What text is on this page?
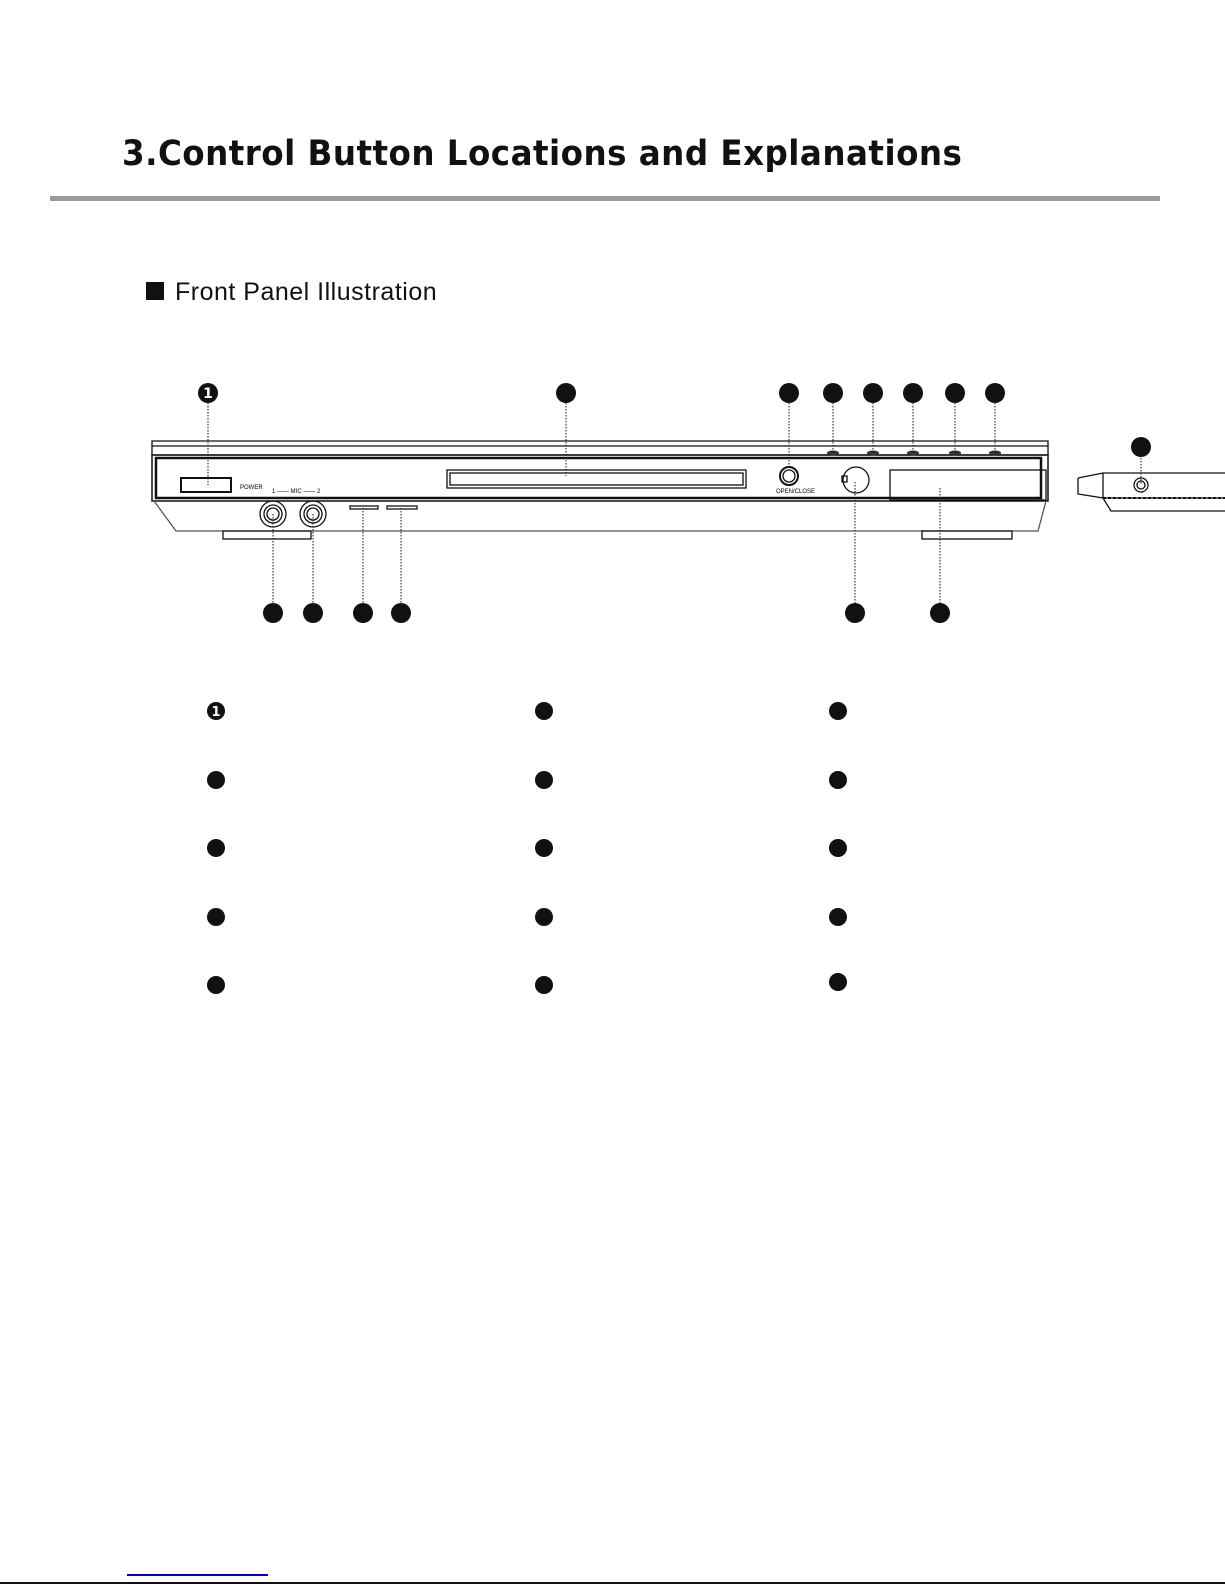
3.Control Button Locations and Explanations
Front Panel Illustration
POWER
1 —— MIC —— 2	OPEN/CLOSE
1
1
